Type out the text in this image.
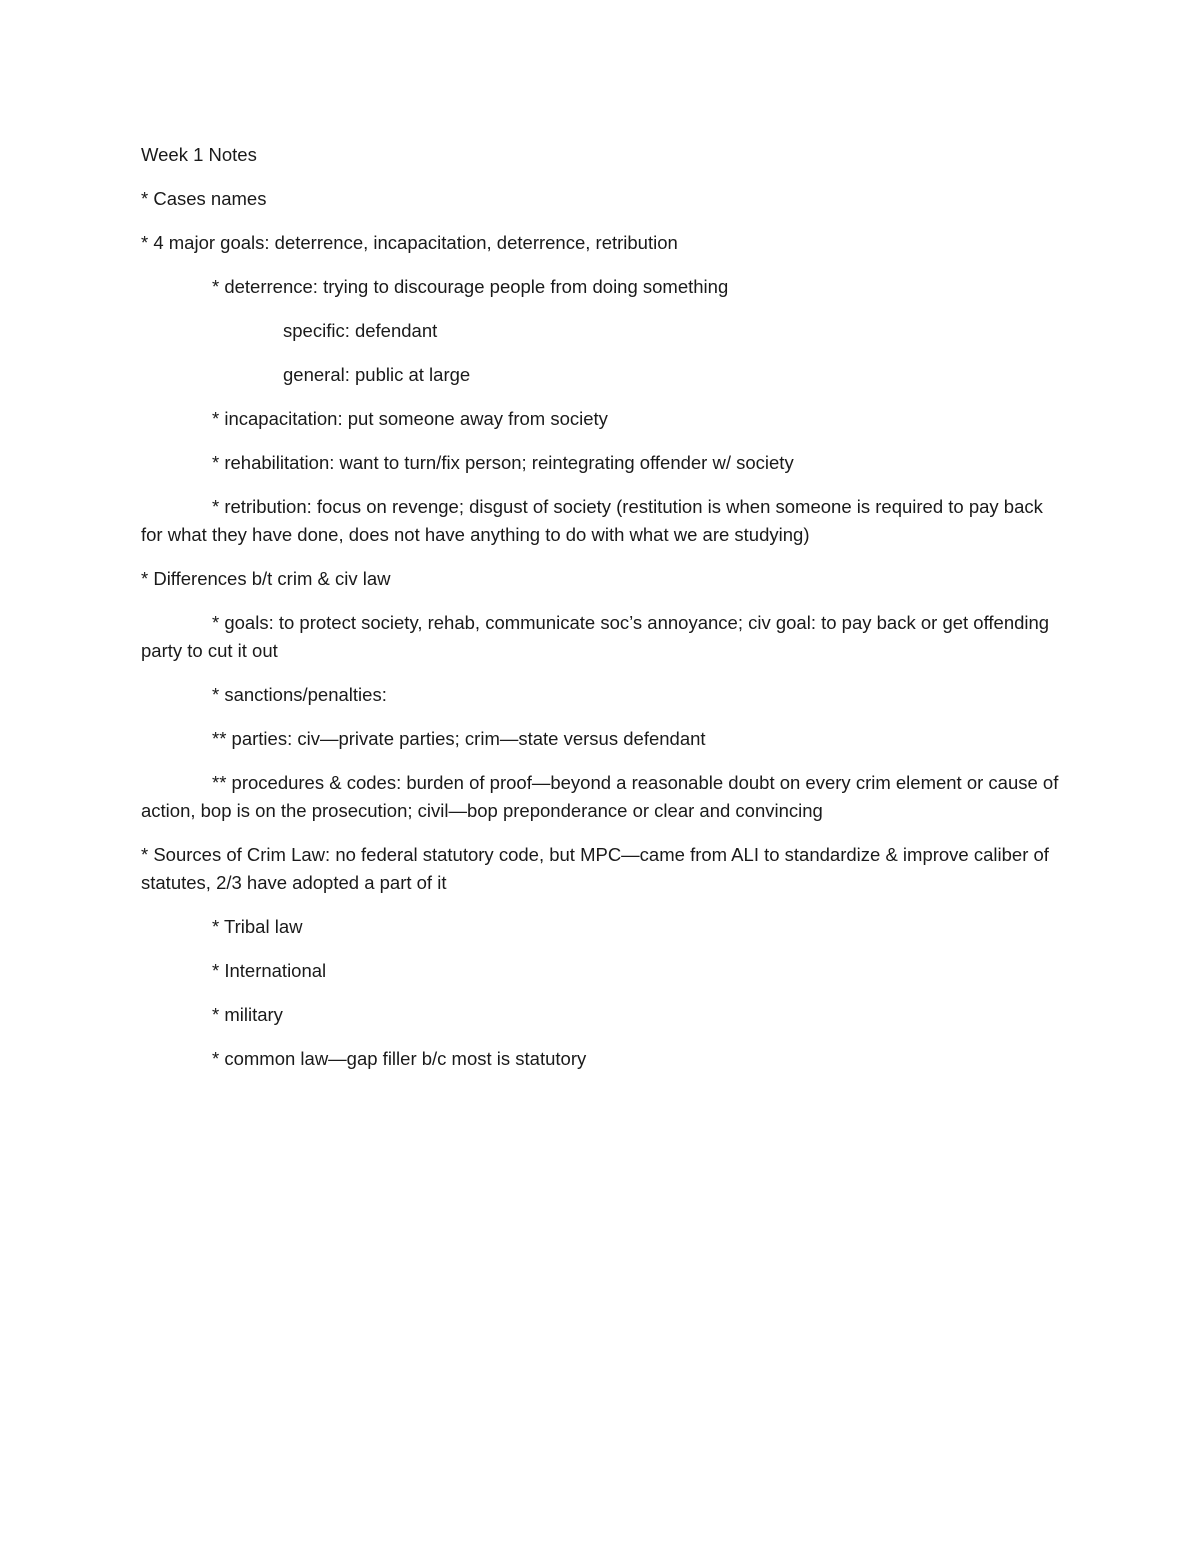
Week 1 Notes

* Cases names

* 4 major goals: deterrence, incapacitation, deterrence, retribution

* deterrence: trying to discourage people from doing something

specific: defendant

general: public at large

* incapacitation: put someone away from society

* rehabilitation: want to turn/fix person; reintegrating offender w/ society

* retribution: focus on revenge; disgust of society (restitution is when someone is required to pay back for what they have done, does not have anything to do with what we are studying)

* Differences b/t crim & civ law

* goals: to protect society, rehab, communicate soc’s annoyance; civ goal: to pay back or get offending party to cut it out

* sanctions/penalties:

** parties: civ—private parties; crim—state versus defendant

** procedures & codes: burden of proof—beyond a reasonable doubt on every crim element or cause of action, bop is on the prosecution; civil—bop preponderance or clear and convincing

* Sources of Crim Law: no federal statutory code, but MPC—came from ALI to standardize & improve caliber of statutes, 2/3 have adopted a part of it

* Tribal law

* International

* military

* common law—gap filler b/c most is statutory
